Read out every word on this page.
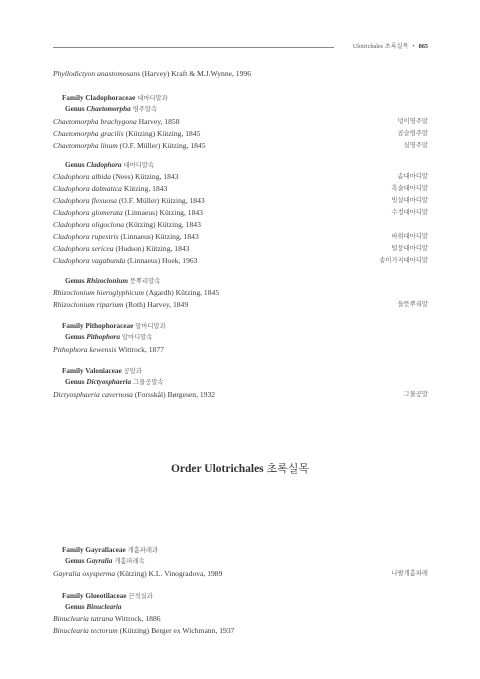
Ulotrichales 초록실목 • 865
Phyllodictyon anastomosans (Harvey) Kraft & M.J.Wynne, 1996
Family Cladophoraceae 대마디말과
Genus Chaetomorpha 염주말속
Chaetomorpha brachygona Harvey, 1858	덩이염주말
Chaetomorpha gracilis (Kützing) Kützing, 1845	곱슬염주말
Chaetomorpha linum (O.F. Müller) Kützing, 1845	실염주말
Genus Cladophora 대마디말속
Cladophora albida (Nees) Kützing, 1843	솜대마디말
Cladophora dalmatica Kützing, 1843	흑술대마디말
Cladophora flexuosa (O.F. Müller) Kützing, 1843	빗살대마디말
Cladophora glomerata (Linnaeus) Kützing, 1843	수정대마디말
Cladophora oligoclona (Kützing) Kützing, 1843
Cladophora rupestris (Linnaeus) Kützing, 1843	바위대마디말
Cladophora sericea (Hudson) Kützing, 1843	털뭉대마디말
Cladophora vagabunda (Linnaeus) Hoek, 1963	송이가지대마디말
Genus Rhizoclonium 뜻뿌리말속
Rhizoclonium hieroglyphicum (Agardh) Kützing, 1845
Rhizoclonium riparium (Roth) Harvey, 1849	들뜻뿌리말
Family Pithophoraceae 알마디말과
Genus Pithophora 알마디말속
Pithophora kewensis Wittrock, 1877
Family Valoniaceae 공말과
Genus Dictyosphaeria 그물공말속
Dictyosphaeria cavernosa (Forsskål) Børgesen, 1932	그물공말
Family Gayraliaceae 개홑파래과
Genus Gayralia 개홑파래속
Gayralia oxysperma (Kützing) K.L. Vinogradova, 1989	나팔개홑파래
Family Gloeotilaceae 끈적실과
Genus Binuclearia
Binuclearia tatrana Wittrock, 1886
Binuclearia tectorum (Kützing) Berger ex Wichmann, 1937
Order Ulotrichales 초록실목
